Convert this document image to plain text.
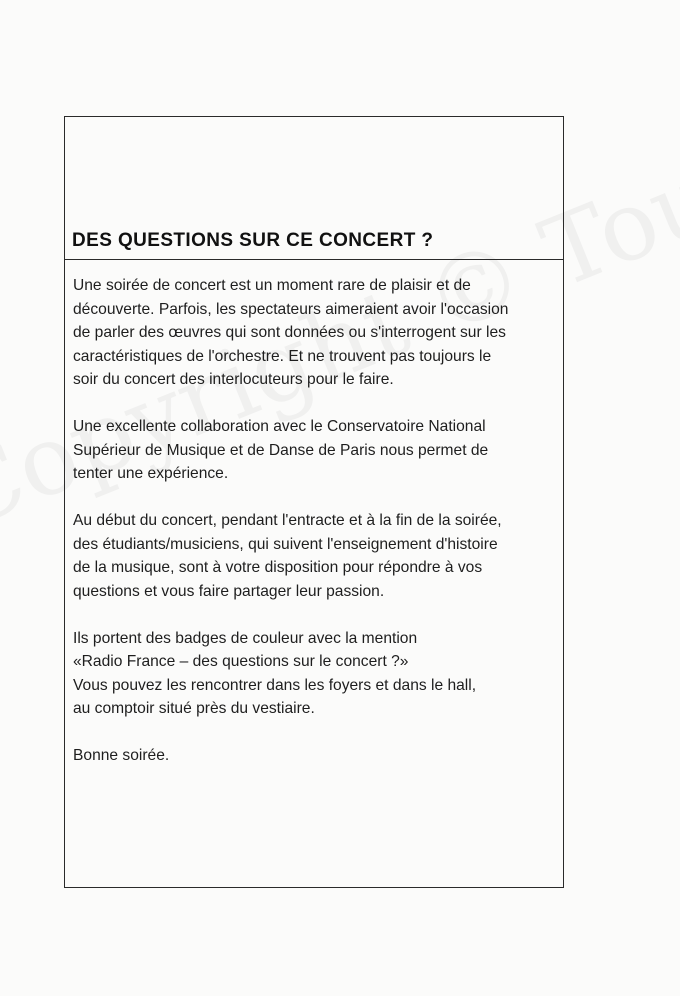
DES QUESTIONS SUR CE CONCERT ?

Une soirée de concert est un moment rare de plaisir et de
découverte. Parfois, les spectateurs aimeraient avoir l'occasion
de parler des œuvres qui sont données ou s'interrogent sur les
caractéristiques de l'orchestre. Et ne trouvent pas toujours le
soir du concert des interlocuteurs pour le faire.

Une excellente collaboration avec le Conservatoire National
Supérieur de Musique et de Danse de Paris nous permet de
tenter une expérience.

Au début du concert, pendant l'entracte et à la fin de la soirée,
des étudiants/musiciens, qui suivent l'enseignement d'histoire
de la musique, sont à votre disposition pour répondre à vos
questions et vous faire partager leur passion.

Ils portent des badges de couleur avec la mention
«Radio France – des questions sur le concert ?»
Vous pouvez les rencontrer dans les foyers et dans le hall,
au comptoir situé près du vestiaire.

Bonne soirée.
